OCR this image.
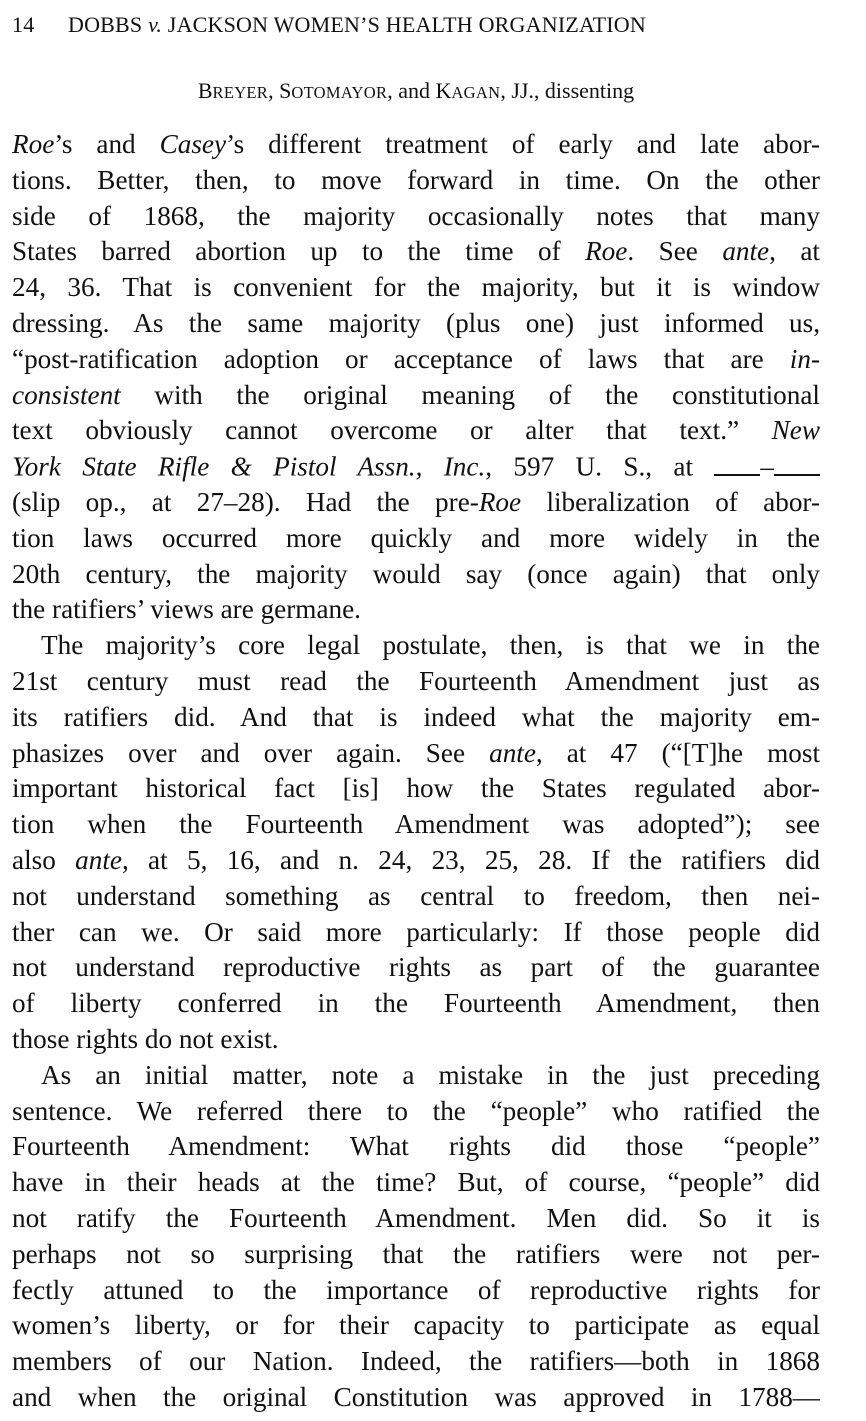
14 DOBBS v. JACKSON WOMEN’S HEALTH ORGANIZATION
BREYER, SOTOMAYOR, and KAGAN, JJ., dissenting
Roe’s and Casey’s different treatment of early and late abor-
tions. Better, then, to move forward in time. On the other
side of 1868, the majority occasionally notes that many
States barred abortion up to the time of Roe. See ante, at
24, 36. That is convenient for the majority, but it is window
dressing. As the same majority (plus one) just informed us,
“post-ratification adoption or acceptance of laws that are in-
consistent with the original meaning of the constitutional
text obviously cannot overcome or alter that text.” New
York State Rifle & Pistol Assn., Inc., 597 U. S., at –
(slip op., at 27–28). Had the pre-Roe liberalization of abor-
tion laws occurred more quickly and more widely in the
20th century, the majority would say (once again) that only
the ratifiers’ views are germane.
The majority’s core legal postulate, then, is that we in the
21st century must read the Fourteenth Amendment just as
its ratifiers did. And that is indeed what the majority em-
phasizes over and over again. See ante, at 47 (“[T]he most
important historical fact [is] how the States regulated abor-
tion when the Fourteenth Amendment was adopted”); see
also ante, at 5, 16, and n. 24, 23, 25, 28. If the ratifiers did
not understand something as central to freedom, then nei-
ther can we. Or said more particularly: If those people did
not understand reproductive rights as part of the guarantee
of liberty conferred in the Fourteenth Amendment, then
those rights do not exist.
As an initial matter, note a mistake in the just preceding
sentence. We referred there to the “people” who ratified the
Fourteenth Amendment: What rights did those “people”
have in their heads at the time? But, of course, “people” did
not ratify the Fourteenth Amendment. Men did. So it is
perhaps not so surprising that the ratifiers were not per-
fectly attuned to the importance of reproductive rights for
women’s liberty, or for their capacity to participate as equal
members of our Nation. Indeed, the ratifiers—both in 1868
and when the original Constitution was approved in 1788—
